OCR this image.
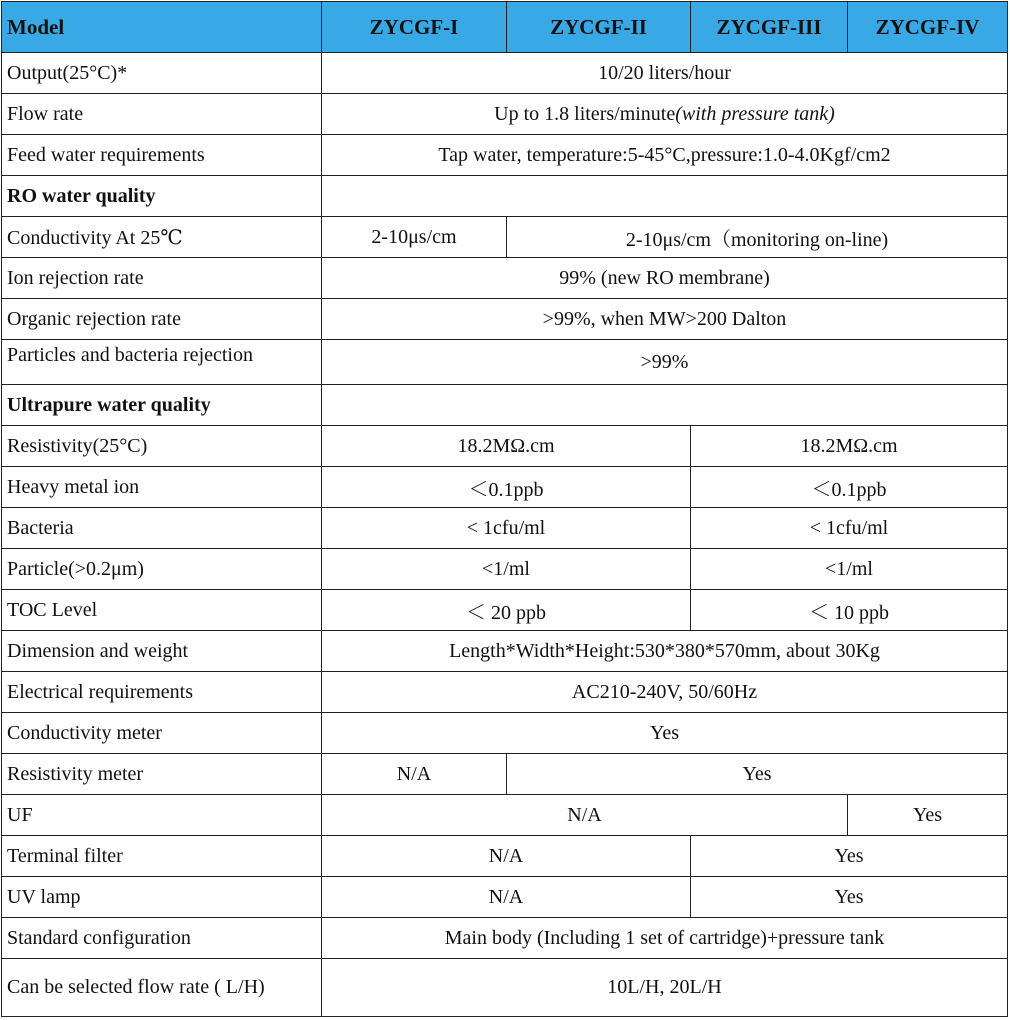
Model	ZYCGF-I	ZYCGF-II	ZYCGF-III	ZYCGF-IV
Output(25°C)*	10/20 liters/hour			
Flow rate	Up to 1.8 liters/minute(with pressure tank)			
Feed water requirements	Tap water, temperature:5-45°C,pressure:1.0-4.0Kgf/cm2			
RO water quality				
Conductivity At 25℃	2-10μs/cm	2-10μs/cm（monitoring on-line)		
Ion rejection rate	99% (new RO membrane)			
Organic rejection rate	>99%, when MW>200 Dalton			
Particles and bacteria rejection	>99%			
Ultrapure water quality				
Resistivity(25°C)	18.2MΩ.cm		18.2MΩ.cm	
Heavy metal ion	＜0.1ppb		＜0.1ppb	
Bacteria	< 1cfu/ml		< 1cfu/ml	
Particle(>0.2μm)	<1/ml		<1/ml	
TOC Level	＜ 20 ppb		＜ 10 ppb	
Dimension and weight	Length*Width*Height:530*380*570mm, about 30Kg			
Electrical requirements	AC210-240V, 50/60Hz			
Conductivity meter	Yes			
Resistivity meter	N/A	Yes		
UF	N/A			Yes
Terminal filter	N/A		Yes	
UV lamp	N/A		Yes	
Standard configuration	Main body (Including 1 set of cartridge)+pressure tank			
Can be selected flow rate ( L/H)	10L/H, 20L/H			
